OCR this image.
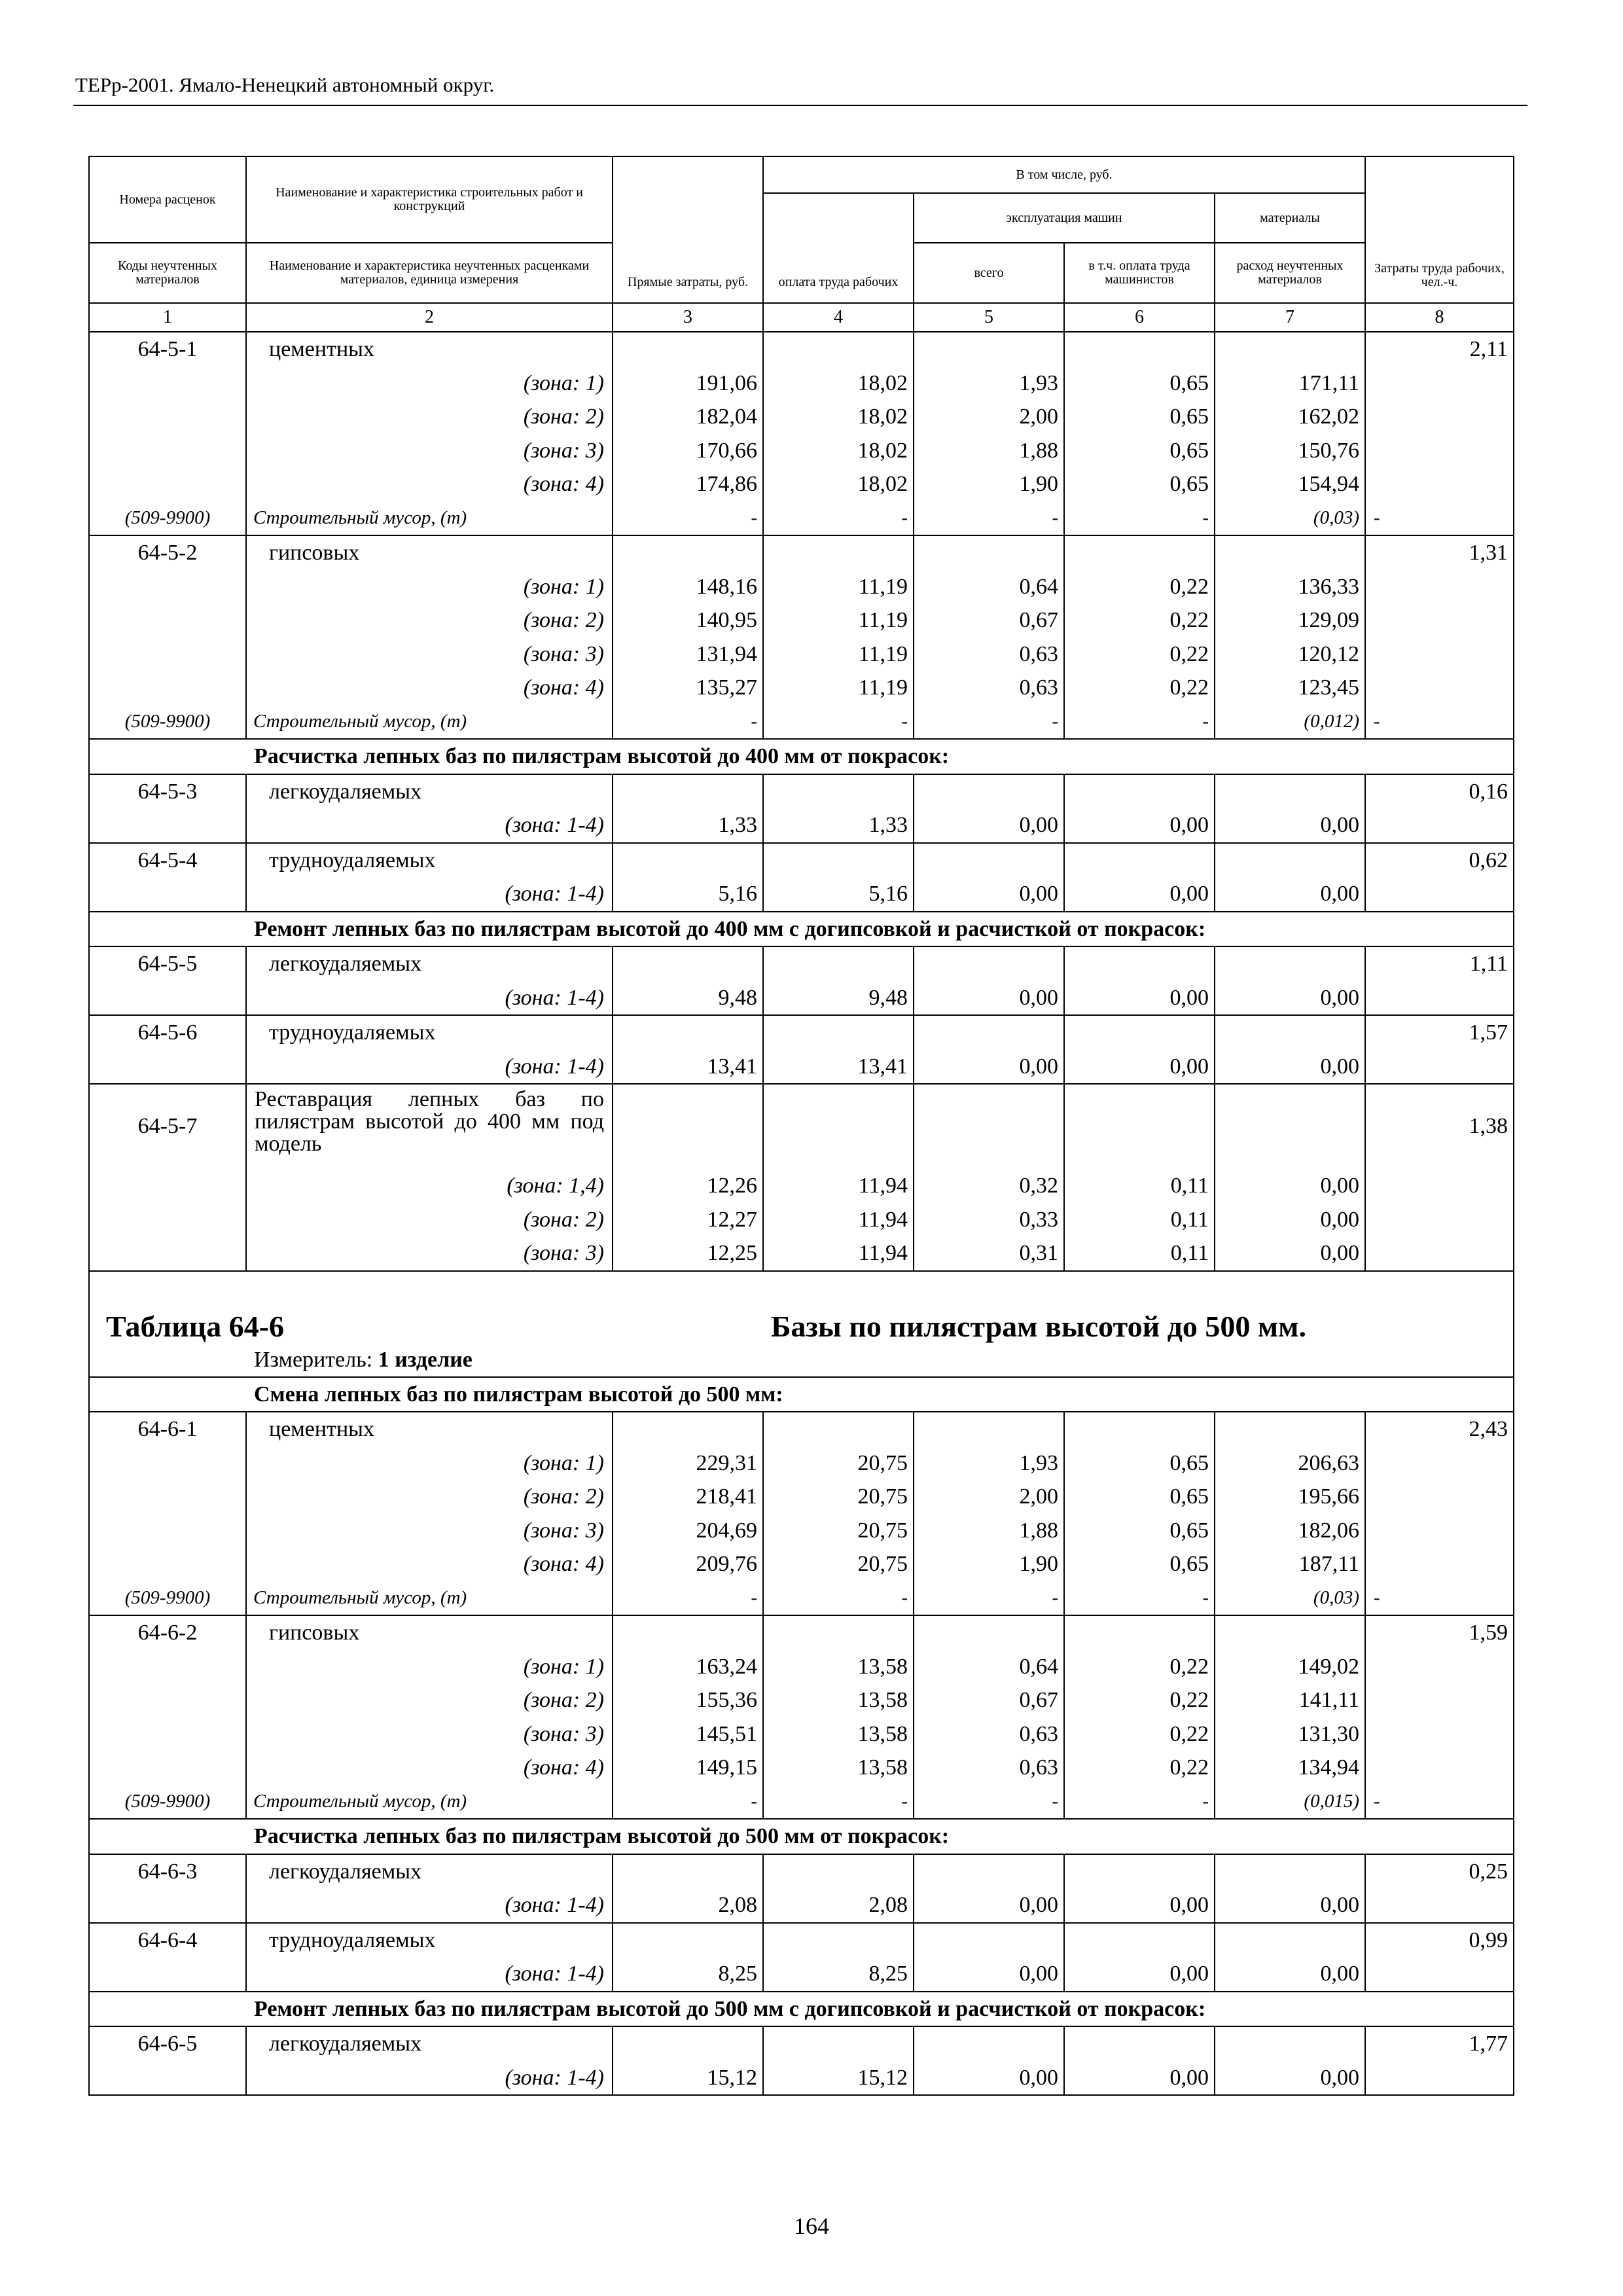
ТЕРр-2001. Ямало-Ненецкий автономный округ.
Номера расценок	Наименование и характеристика строительных работ и конструкций	Прямые затраты, руб.	В том числе, руб.				Затраты труда рабочих, чел.-ч.
			оплата труда рабочих	эксплуатация машин		материалы	
Коды неучтенных материалов	Наименование и характеристика неучтенных расценками материалов, единица измерения			всего	в т.ч. оплата труда машинистов	расход неучтенных материалов	
1	2	3	4	5	6	7	8
64-5-1	цементных						2,11
	(зона: 1)	191,06	18,02	1,93	0,65	171,11	
	(зона: 2)	182,04	18,02	2,00	0,65	162,02	
	(зона: 3)	170,66	18,02	1,88	0,65	150,76	
	(зона: 4)	174,86	18,02	1,90	0,65	154,94	
(509-9900)	Строительный мусор, (т)	-	-	-	-	(0,03)	-
64-5-2	гипсовых						1,31
	(зона: 1)	148,16	11,19	0,64	0,22	136,33	
	(зона: 2)	140,95	11,19	0,67	0,22	129,09	
	(зона: 3)	131,94	11,19	0,63	0,22	120,12	
	(зона: 4)	135,27	11,19	0,63	0,22	123,45	
(509-9900)	Строительный мусор, (т)	-	-	-	-	(0,012)	-
	Расчистка лепных баз по пилястрам высотой до 400 мм от покрасок:						
64-5-3	легкоудаляемых						0,16
	(зона: 1-4)	1,33	1,33	0,00	0,00	0,00	
64-5-4	трудноудаляемых						0,62
	(зона: 1-4)	5,16	5,16	0,00	0,00	0,00	
	Ремонт лепных баз по пилястрам высотой до 400 мм с догипсовкой и расчисткой от покрасок:						
64-5-5	легкоудаляемых						1,11
	(зона: 1-4)	9,48	9,48	0,00	0,00	0,00	
64-5-6	трудноудаляемых						1,57
	(зона: 1-4)	13,41	13,41	0,00	0,00	0,00	
64-5-7	Реставрация лепных баз по пилястрам высотой до 400 мм под модель						1,38
	(зона: 1,4)	12,26	11,94	0,32	0,11	0,00	
	(зона: 2)	12,27	11,94	0,33	0,11	0,00	
	(зона: 3)	12,25	11,94	0,31	0,11	0,00	
Таблица 64-6			Базы по пилястрам высотой до 500 мм.				
	Измеритель: 1 изделие						
	Смена лепных баз по пилястрам высотой до 500 мм:						
64-6-1	цементных						2,43
	(зона: 1)	229,31	20,75	1,93	0,65	206,63	
	(зона: 2)	218,41	20,75	2,00	0,65	195,66	
	(зона: 3)	204,69	20,75	1,88	0,65	182,06	
	(зона: 4)	209,76	20,75	1,90	0,65	187,11	
(509-9900)	Строительный мусор, (т)	-	-	-	-	(0,03)	-
64-6-2	гипсовых						1,59
	(зона: 1)	163,24	13,58	0,64	0,22	149,02	
	(зона: 2)	155,36	13,58	0,67	0,22	141,11	
	(зона: 3)	145,51	13,58	0,63	0,22	131,30	
	(зона: 4)	149,15	13,58	0,63	0,22	134,94	
(509-9900)	Строительный мусор, (т)	-	-	-	-	(0,015)	-
	Расчистка лепных баз по пилястрам высотой до 500 мм от покрасок:						
64-6-3	легкоудаляемых						0,25
	(зона: 1-4)	2,08	2,08	0,00	0,00	0,00	
64-6-4	трудноудаляемых						0,99
	(зона: 1-4)	8,25	8,25	0,00	0,00	0,00	
	Ремонт лепных баз по пилястрам высотой до 500 мм с догипсовкой и расчисткой от покрасок:						
64-6-5	легкоудаляемых						1,77
	(зона: 1-4)	15,12	15,12	0,00	0,00	0,00	
164
